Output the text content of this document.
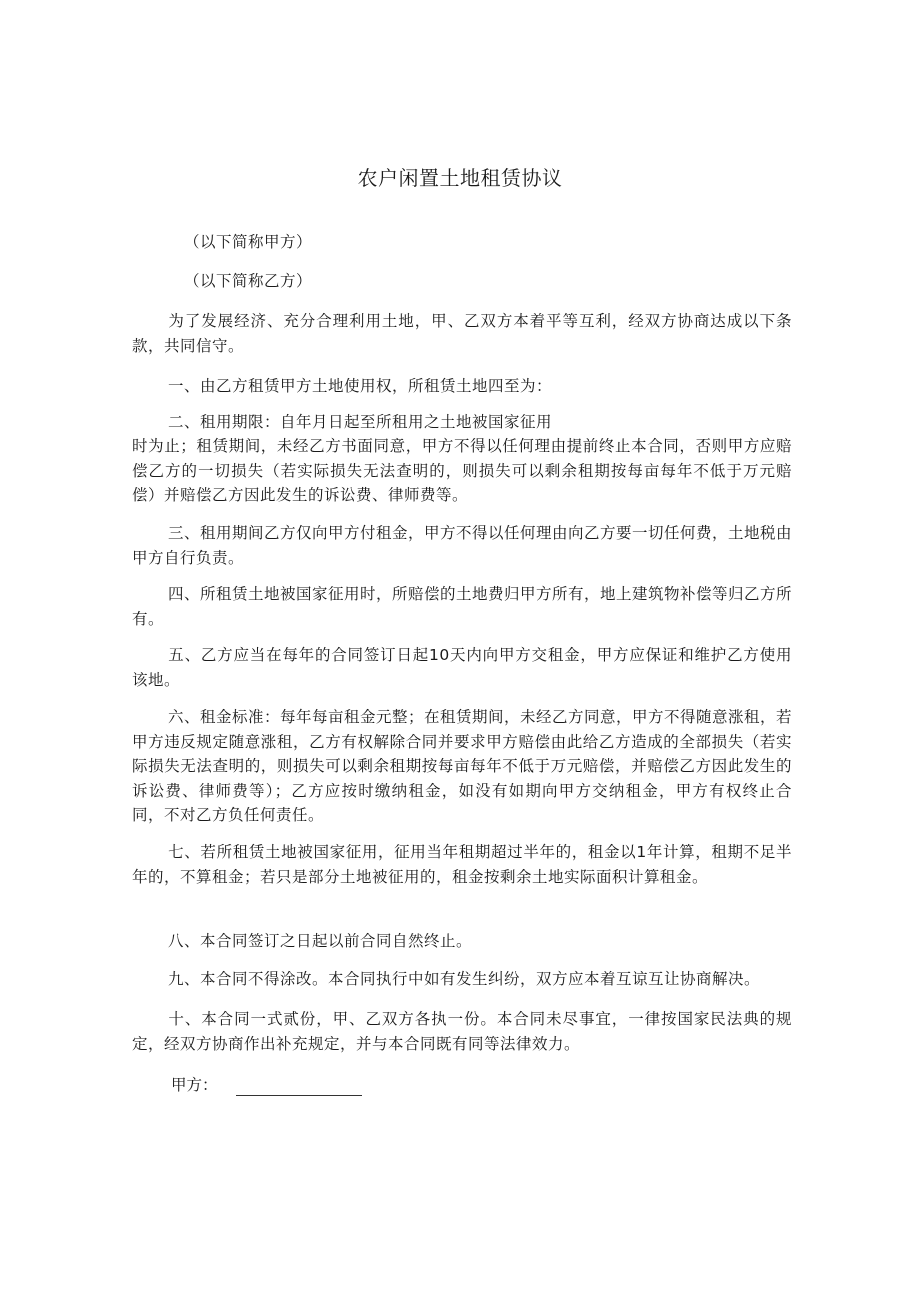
农户闲置土地租赁协议
（以下简称甲方）
（以下简称乙方）
为了发展经济、充分合理利用土地，甲、乙双方本着平等互利，经双方协商达成以下条款，共同信守。
一、由乙方租赁甲方土地使用权，所租赁土地四至为：
二、租用期限：自年月日起至所租用之土地被国家征用
时为止；租赁期间，未经乙方书面同意，甲方不得以任何理由提前终止本合同，否则甲方应赔偿乙方的一切损失（若实际损失无法查明的，则损失可以剩余租期按每亩每年不低于万元赔偿）并赔偿乙方因此发生的诉讼费、律师费等。
三、租用期间乙方仅向甲方付租金，甲方不得以任何理由向乙方要一切任何费，土地税由甲方自行负责。
四、所租赁土地被国家征用时，所赔偿的土地费归甲方所有，地上建筑物补偿等归乙方所有。
五、乙方应当在每年的合同签订日起10天内向甲方交租金，甲方应保证和维护乙方使用该地。
六、租金标准：每年每亩租金元整；在租赁期间，未经乙方同意，甲方不得随意涨租，若甲方违反规定随意涨租，乙方有权解除合同并要求甲方赔偿由此给乙方造成的全部损失（若实际损失无法查明的，则损失可以剩余租期按每亩每年不低于万元赔偿，并赔偿乙方因此发生的诉讼费、律师费等）；乙方应按时缴纳租金，如没有如期向甲方交纳租金，甲方有权终止合同，不对乙方负任何责任。
七、若所租赁土地被国家征用，征用当年租期超过半年的，租金以1年计算，租期不足半年的，不算租金；若只是部分土地被征用的，租金按剩余土地实际面积计算租金。
八、本合同签订之日起以前合同自然终止。
九、本合同不得涂改。本合同执行中如有发生纠纷，双方应本着互谅互让协商解决。
十、本合同一式贰份，甲、乙双方各执一份。本合同未尽事宜，一律按国家民法典的规定，经双方协商作出补充规定，并与本合同既有同等法律效力。
甲方：
